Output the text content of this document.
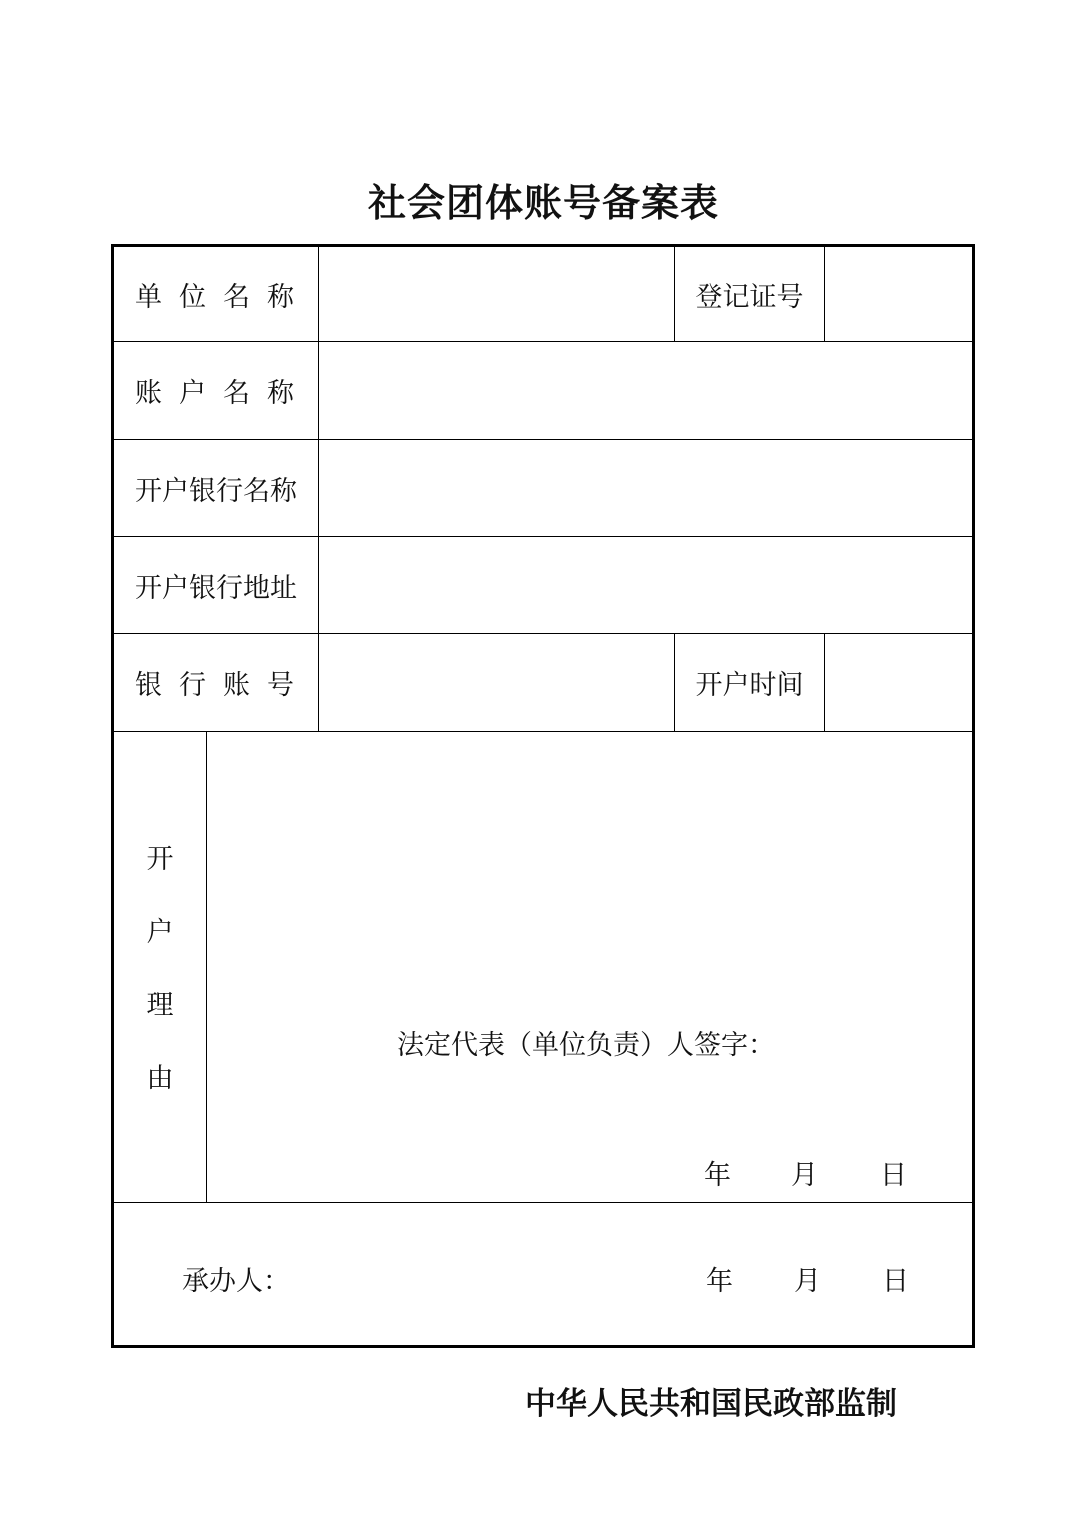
社会团体账号备案表
单位名称	登记证号
账户名称
开户银行名称
开户银行地址
银行账号	开户时间
开
户
理
由
法定代表（单位负责）人签字：
年 月 日
承办人：	年 月 日
中华人民共和国民政部监制
